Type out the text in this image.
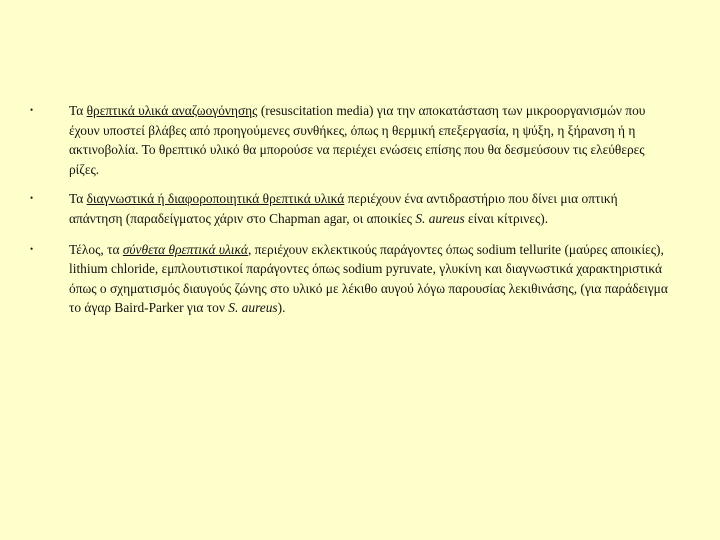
•	Τα θρεπτικά υλικά αναζωογόνησης (resuscitation media) για την αποκατάσταση των μικροοργανισμών που έχουν υποστεί βλάβες από προηγούμενες συνθήκες, όπως η θερμική επεξεργασία, η ψύξη, η ξήρανση ή η ακτινοβολία. Το θρεπτικό υλικό θα μπορούσε να περιέχει ενώσεις επίσης που θα δεσμεύσουν τις ελεύθερες ρίζες.
•	Τα διαγνωστικά ή διαφοροποιητικά θρεπτικά υλικά περιέχουν ένα αντιδραστήριο που δίνει μια οπτική απάντηση (παραδείγματος χάριν στο Chapman agar, οι αποικίες S. aureus είναι κίτρινες).
•	Τέλος, τα σύνθετα θρεπτικά υλικά, περιέχουν εκλεκτικούς παράγοντες όπως sodium tellurite (μαύρες αποικίες), lithium chloride, εμπλουτιστικοί παράγοντες όπως sodium pyruvate, γλυκίνη και διαγνωστικά χαρακτηριστικά όπως ο σχηματισμός διαυγούς ζώνης στο υλικό με λέκιθο αυγού λόγω παρουσίας λεκιθινάσης, (για παράδειγμα το άγαρ Baird-Parker για τον S. aureus).
